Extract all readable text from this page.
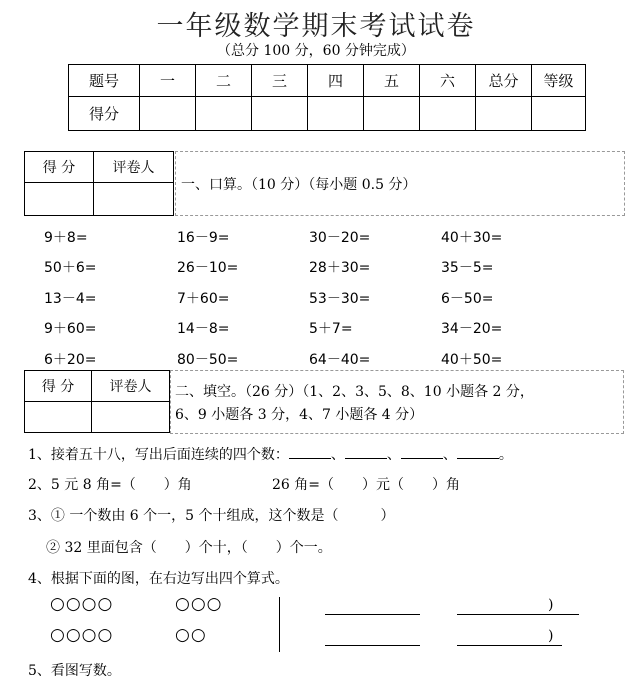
一年级数学期末考试试卷
（总分 100 分，60 分钟完成）
题号	一	二	三	四	五	六	总分	等级
得分								
得 分	评卷人

一、口算。（10 分）（每小题 0.5 分）
9＋8=	16－9=	30－20=	40＋30=
50＋6=	26－10=	28＋30=	35－5=
13－4=	7＋60=	53－30=	6－50=
9＋60=	14－8=	5＋7=	34－20=
6＋20=	80－50=	64－40=	40＋50=
得 分	评卷人
	二、填空。（26 分）（1、2、3、5、8、10 小题各 2 分，
6、9 小题各 3 分，4、7 小题各 4 分）
1、接着五十八，写出后面连续的四个数：	、	、	、	。
2、5 元 8 角=（　　）角	26 角=（　　）元（　　）角
3、① 一个数由 6 个一，5 个十组成，这个数是（　　　）
② 32 里面包含（　　）个十，（　　）个一。
4、根据下面的图，在右边写出四个算式。
○○○○	○○○
○○○○	○○
)
)
5、看图写数。
